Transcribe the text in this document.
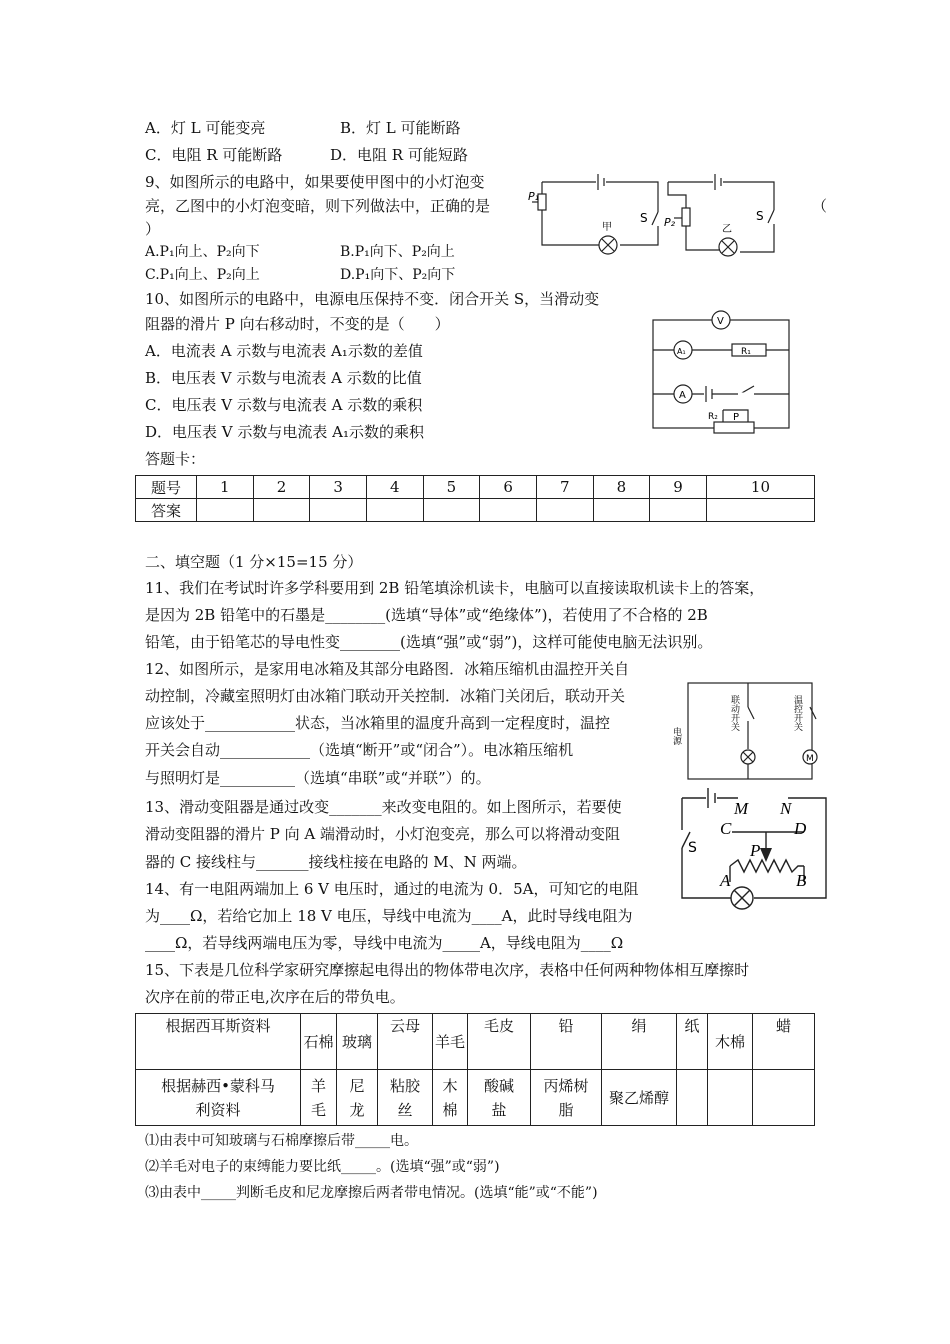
A．灯 L 可能变亮	B．灯 L 可能断路
C．电阻 R 可能断路	D．电阻 R 可能短路
9、如图所示的电路中，如果要使甲图中的小灯泡变
亮，乙图中的小灯泡变暗，则下列做法中，正确的是	（
）
A.P₁向上、P₂向下	B.P₁向下、P₂向上
C.P₁向上、P₂向上	D.P₁向下、P₂向下
P₁
S
甲	P₂	S
乙
10、如图所示的电路中，电源电压保持不变．闭合开关 S，当滑动变
阻器的滑片 P 向右移动时，不变的是（　　）
A．电流表 A 示数与电流表 A₁示数的差值
B．电压表 V 示数与电流表 A 示数的比值
C．电压表 V 示数与电流表 A 示数的乘积
D．电压表 V 示数与电流表 A₁示数的乘积
V
A₁	R₁
A
R₂ P
答题卡：
题号	1	2	3	4	5	6	7	8	9	10
答案										
二、填空题（1 分×15=15 分）
11、我们在考试时许多学科要用到 2B 铅笔填涂机读卡，电脑可以直接读取机读卡上的答案，
是因为 2B 铅笔中的石墨是________(选填“导体”或“绝缘体”)，若使用了不合格的 2B
铅笔，由于铅笔芯的导电性变________(选填“强”或“弱”)，这样可能使电脑无法识别。
12、如图所示，是家用电冰箱及其部分电路图．冰箱压缩机由温控开关自
动控制，冷藏室照明灯由冰箱门联动开关控制．冰箱门关闭后，联动开关
应该处于____________状态，当冰箱里的温度升高到一定程度时，温控
开关会自动____________（选填“断开”或“闭合”）。电冰箱压缩机
与照明灯是__________（选填“串联”或“并联”）的。
联动开关	温控开关
电源
M
13、滑动变阻器是通过改变_______来改变电阻的。如上图所示，若要使
滑动变阻器的滑片 P 向 A 端滑动时，小灯泡变亮，那么可以将滑动变阻
器的 C 接线柱与_______接线柱接在电路的 M、N 两端。
M N
C	D
S	P
A	B
14、有一电阻两端加上 6 V 电压时，通过的电流为 0．5A，可知它的电阻
为____Ω，若给它加上 18 V 电压，导线中电流为____A，此时导线电阻为
____Ω，若导线两端电压为零，导线中电流为_____A，导线电阻为____Ω
15、下表是几位科学家研究摩擦起电得出的物体带电次序，表格中任何两种物体相互摩擦时
次序在前的带正电,次序在后的带负电。
根据西耳斯资料	石棉	玻璃	云母	羊毛	毛皮	铅	绢	纸	木棉	蜡
根据赫西•蒙科马利资料	羊毛	尼龙	粘胶丝	木棉	酸碱盐	丙烯树脂	聚乙烯醇			
⑴由表中可知玻璃与石棉摩擦后带_____电。
⑵羊毛对电子的束缚能力要比纸_____。(选填“强”或“弱”)
⑶由表中_____判断毛皮和尼龙摩擦后两者带电情况。(选填“能”或“不能”)
